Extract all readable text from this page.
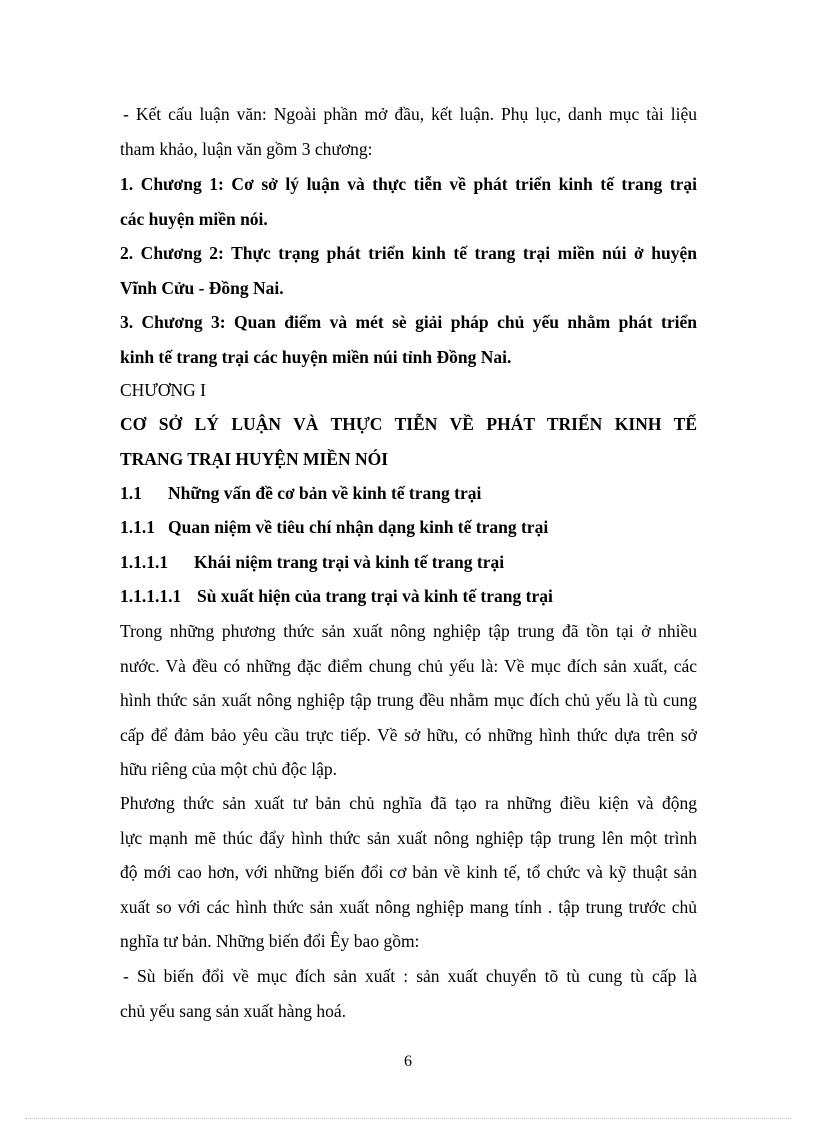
- Kết cấu luận văn: Ngoài phần mở đầu, kết luận. Phụ lục, danh mục tài liệu
tham khảo, luận văn gồm 3 chương:
1. Chương 1: Cơ sở lý luận và thực tiễn về phát triển kinh tế trang trại
các huyện miền nói.
2. Chương 2: Thực trạng phát triển kinh tế trang trại miền núi ở huyện
Vĩnh Cửu - Đồng Nai.
3. Chương 3: Quan điểm và mét sè giải pháp chủ yếu nhằm phát triển
kinh tế trang trại các huyện miền núi tỉnh Đồng Nai.
CHƯƠNG I
CƠ SỞ LÝ LUẬN VÀ THỰC TIỄN VỀ PHÁT TRIỂN KINH TẾ
TRANG TRẠI HUYỆN MIỀN NÓI
1.1 Những vấn đề cơ bản về kinh tế trang trại
1.1.1 Quan niệm về tiêu chí nhận dạng kinh tế trang trại
1.1.1.1 Khái niệm trang trại và kinh tế trang trại
1.1.1.1.1 Sù xuất hiện của trang trại và kinh tế trang trại
Trong những phương thức sản xuất nông nghiệp tập trung đã tồn tại ở nhiều
nước. Và đều có những đặc điểm chung chủ yếu là: Về mục đích sản xuất, các
hình thức sản xuất nông nghiệp tập trung đều nhằm mục đích chủ yếu là tù cung
cấp để đảm bảo yêu cầu trực tiếp. Về sở hữu, có những hình thức dựa trên sở
hữu riêng của một chủ độc lập.
Phương thức sản xuất tư bản chủ nghĩa đã tạo ra những điều kiện và động
lực mạnh mẽ thúc đẩy hình thức sản xuất nông nghiệp tập trung lên một trình
độ mới cao hơn, với những biến đổi cơ bản về kinh tế, tổ chức và kỹ thuật sản
xuất so với các hình thức sản xuất nông nghiệp mang tính . tập trung trước chủ
nghĩa tư bản. Những biến đổi Êy bao gồm:
- Sù biến đổi về mục đích sản xuất : sản xuất chuyển tõ tù cung tù cấp là
chủ yếu sang sản xuất hàng hoá.
6
